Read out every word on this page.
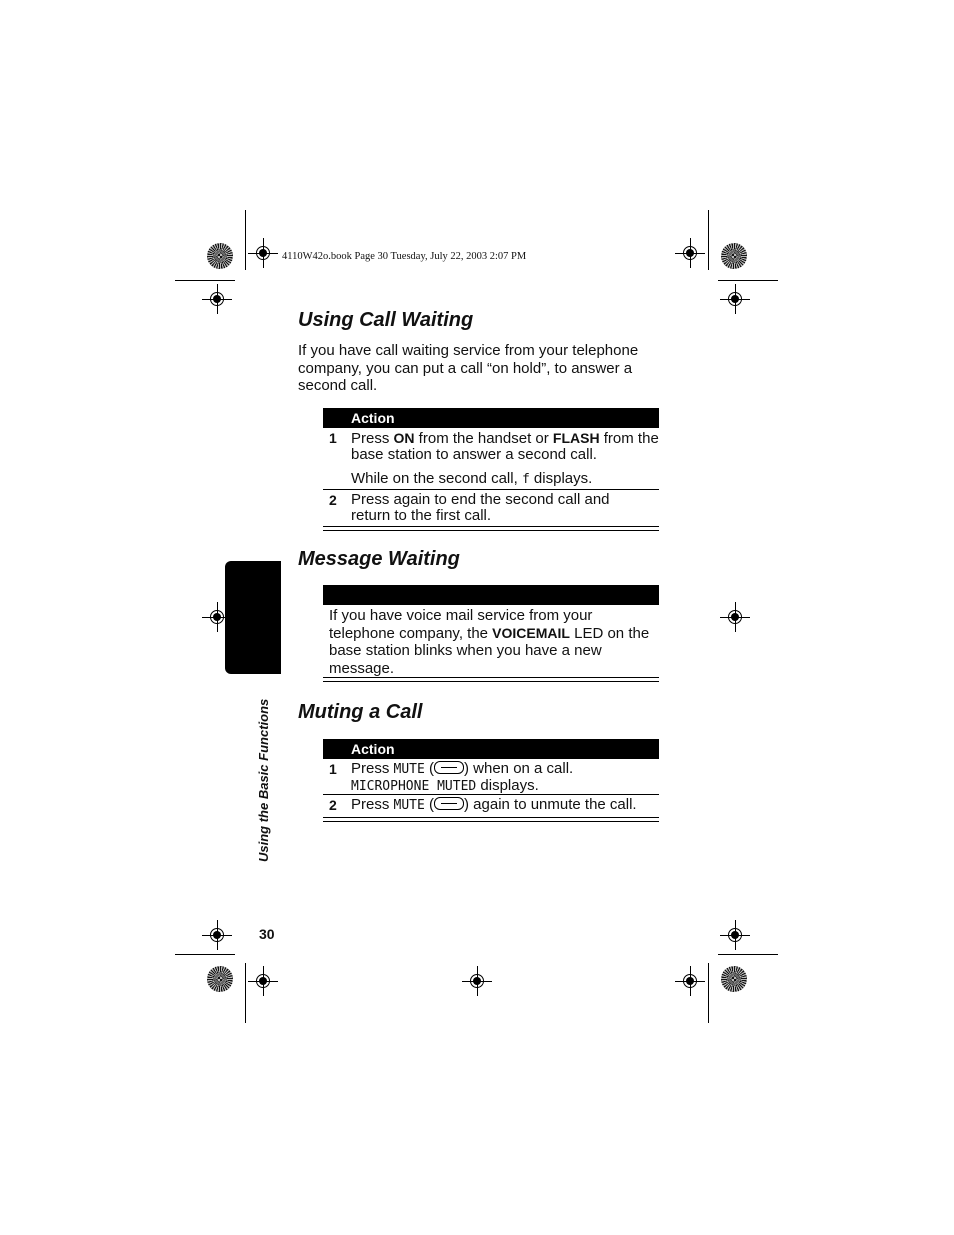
4110W42o.book Page 30 Tuesday, July 22, 2003 2:07 PM
Using Call Waiting
If you have call waiting service from your telephone company, you can put a call “on hold”, to answer a second call.
Action
1 Press ON from the handset or FLASH from the base station to answer a second call.
While on the second call, f displays.
2 Press again to end the second call and return to the first call.
Message Waiting
If you have voice mail service from your telephone company, the VOICEMAIL LED on the base station blinks when you have a new message.
Muting a Call
Action
1 Press MUTE ( ) when on a call.
MICROPHONE MUTED displays.
2 Press MUTE ( ) again to unmute the call.
Using the Basic Functions
30
